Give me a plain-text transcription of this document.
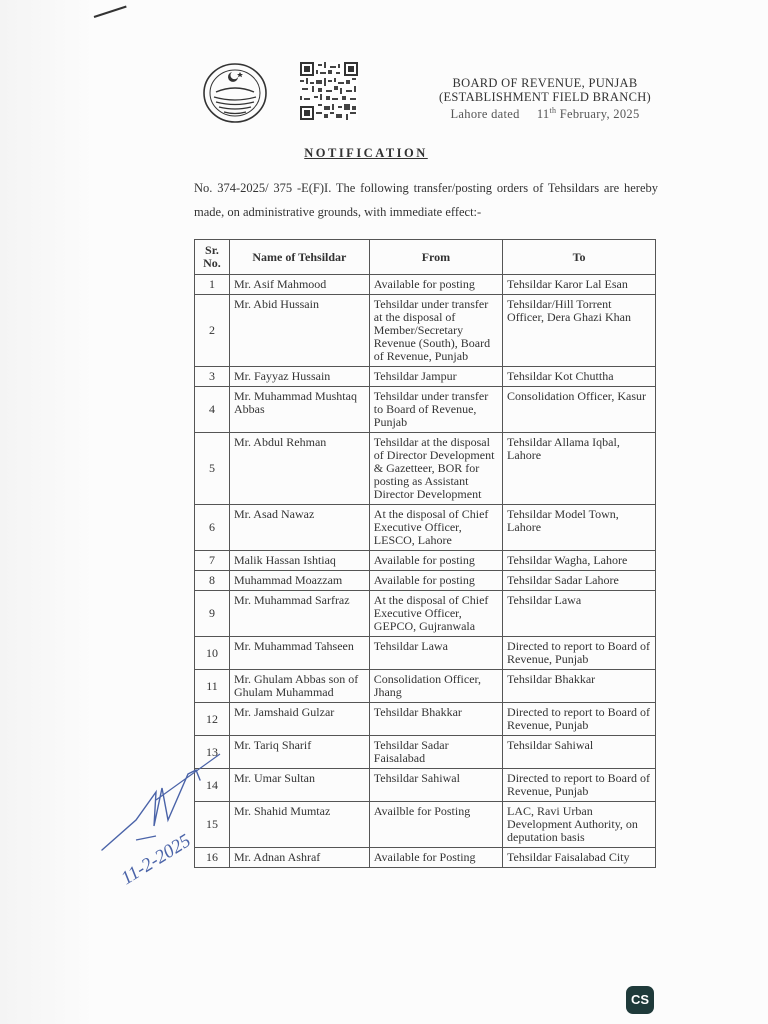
BOARD OF REVENUE, PUNJAB
(ESTABLISHMENT FIELD BRANCH)
Lahore dated 11th February, 2025
NOTIFICATION
No. 374-2025/ 375 -E(F)I. The following transfer/posting orders of Tehsildars are hereby made, on administrative grounds, with immediate effect:-
Sr. No.	Name of Tehsildar	From	To
1	Mr. Asif Mahmood	Available for posting	Tehsildar Karor Lal Esan
2	Mr. Abid Hussain	Tehsildar under transfer at the disposal of Member/Secretary Revenue (South), Board of Revenue, Punjab	Tehsildar/Hill Torrent Officer, Dera Ghazi Khan
3	Mr. Fayyaz Hussain	Tehsildar Jampur	Tehsildar Kot Chuttha
4	Mr. Muhammad Mushtaq Abbas	Tehsildar under transfer to Board of Revenue, Punjab	Consolidation Officer, Kasur
5	Mr. Abdul Rehman	Tehsildar at the disposal of Director Development & Gazetteer, BOR for posting as Assistant Director Development	Tehsildar Allama Iqbal, Lahore
6	Mr. Asad Nawaz	At the disposal of Chief Executive Officer, LESCO, Lahore	Tehsildar Model Town, Lahore
7	Malik Hassan Ishtiaq	Available for posting	Tehsildar Wagha, Lahore
8	Muhammad Moazzam	Available for posting	Tehsildar Sadar Lahore
9	Mr. Muhammad Sarfraz	At the disposal of Chief Executive Officer, GEPCO, Gujranwala	Tehsildar Lawa
10	Mr. Muhammad Tahseen	Tehsildar Lawa	Directed to report to Board of Revenue, Punjab
11	Mr. Ghulam Abbas son of Ghulam Muhammad	Consolidation Officer, Jhang	Tehsildar Bhakkar
12	Mr. Jamshaid Gulzar	Tehsildar Bhakkar	Directed to report to Board of Revenue, Punjab
13	Mr. Tariq Sharif	Tehsildar Sadar Faisalabad	Tehsildar Sahiwal
14	Mr. Umar Sultan	Tehsildar Sahiwal	Directed to report to Board of Revenue, Punjab
15	Mr. Shahid Mumtaz	Availble for Posting	LAC, Ravi Urban Development Authority, on deputation basis
16	Mr. Adnan Ashraf	Available for Posting	Tehsildar Faisalabad City
11-2-2025
CS
